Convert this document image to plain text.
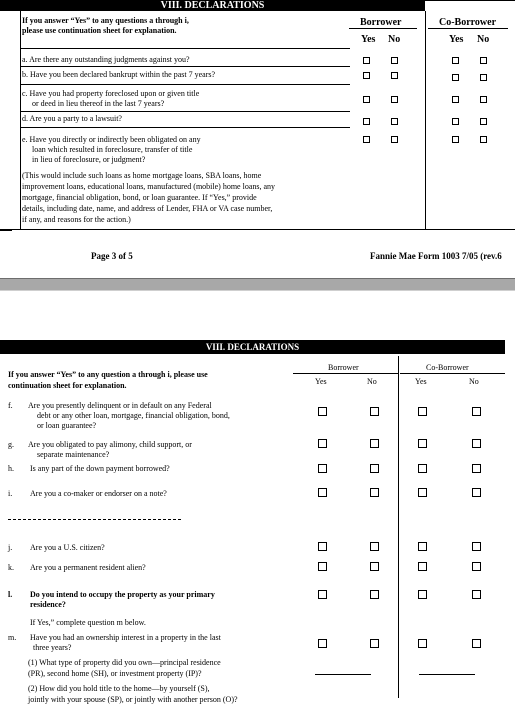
VIII. DECLARATIONS
If you answer “Yes” to any questions a through i,
please use continuation sheet for explanation.
Borrower	Co-Borrower
Yes No	Yes No
a. Are there any outstanding judgments against you?
b. Have you been declared bankrupt within the past 7 years?
c. Have you had property foreclosed upon or given title
or deed in lieu thereof in the last 7 years?
d. Are you a party to a lawsuit?
e. Have you directly or indirectly been obligated on any
loan which resulted in foreclosure, transfer of title
in lieu of foreclosure, or judgment?
(This would include such loans as home mortgage loans, SBA loans, home
improvement loans, educational loans, manufactured (mobile) home loans, any
mortgage, financial obligation, bond, or loan guarantee. If “Yes,” provide
details, including date, name, and address of Lender, FHA or VA case number,
if any, and reasons for the action.)
Page 3 of 5	Fannie Mae Form 1003 7/05 (rev.6
VIII. DECLARATIONS
If you answer “Yes” to any question a through i, please use
continuation sheet for explanation.
Borrower	Co-Borrower
Yes	No	Yes	No
f. Are you presently delinquent or in default on any Federal
debt or any other loan, mortgage, financial obligation, bond,
or loan guarantee?
g. Are you obligated to pay alimony, child support, or
separate maintenance?
h. Is any part of the down payment borrowed?
i. Are you a co-maker or endorser on a note?
j. Are you a U.S. citizen?
k. Are you a permanent resident alien?
l. Do you intend to occupy the property as your primary
residence?
If Yes,” complete question m below.
m. Have you had an ownership interest in a property in the last
three years?
(1) What type of property did you own—principal residence
(PR), second home (SH), or investment property (IP)?
(2) How did you hold title to the home—by yourself (S),
jointly with your spouse (SP), or jointly with another person (O)?
